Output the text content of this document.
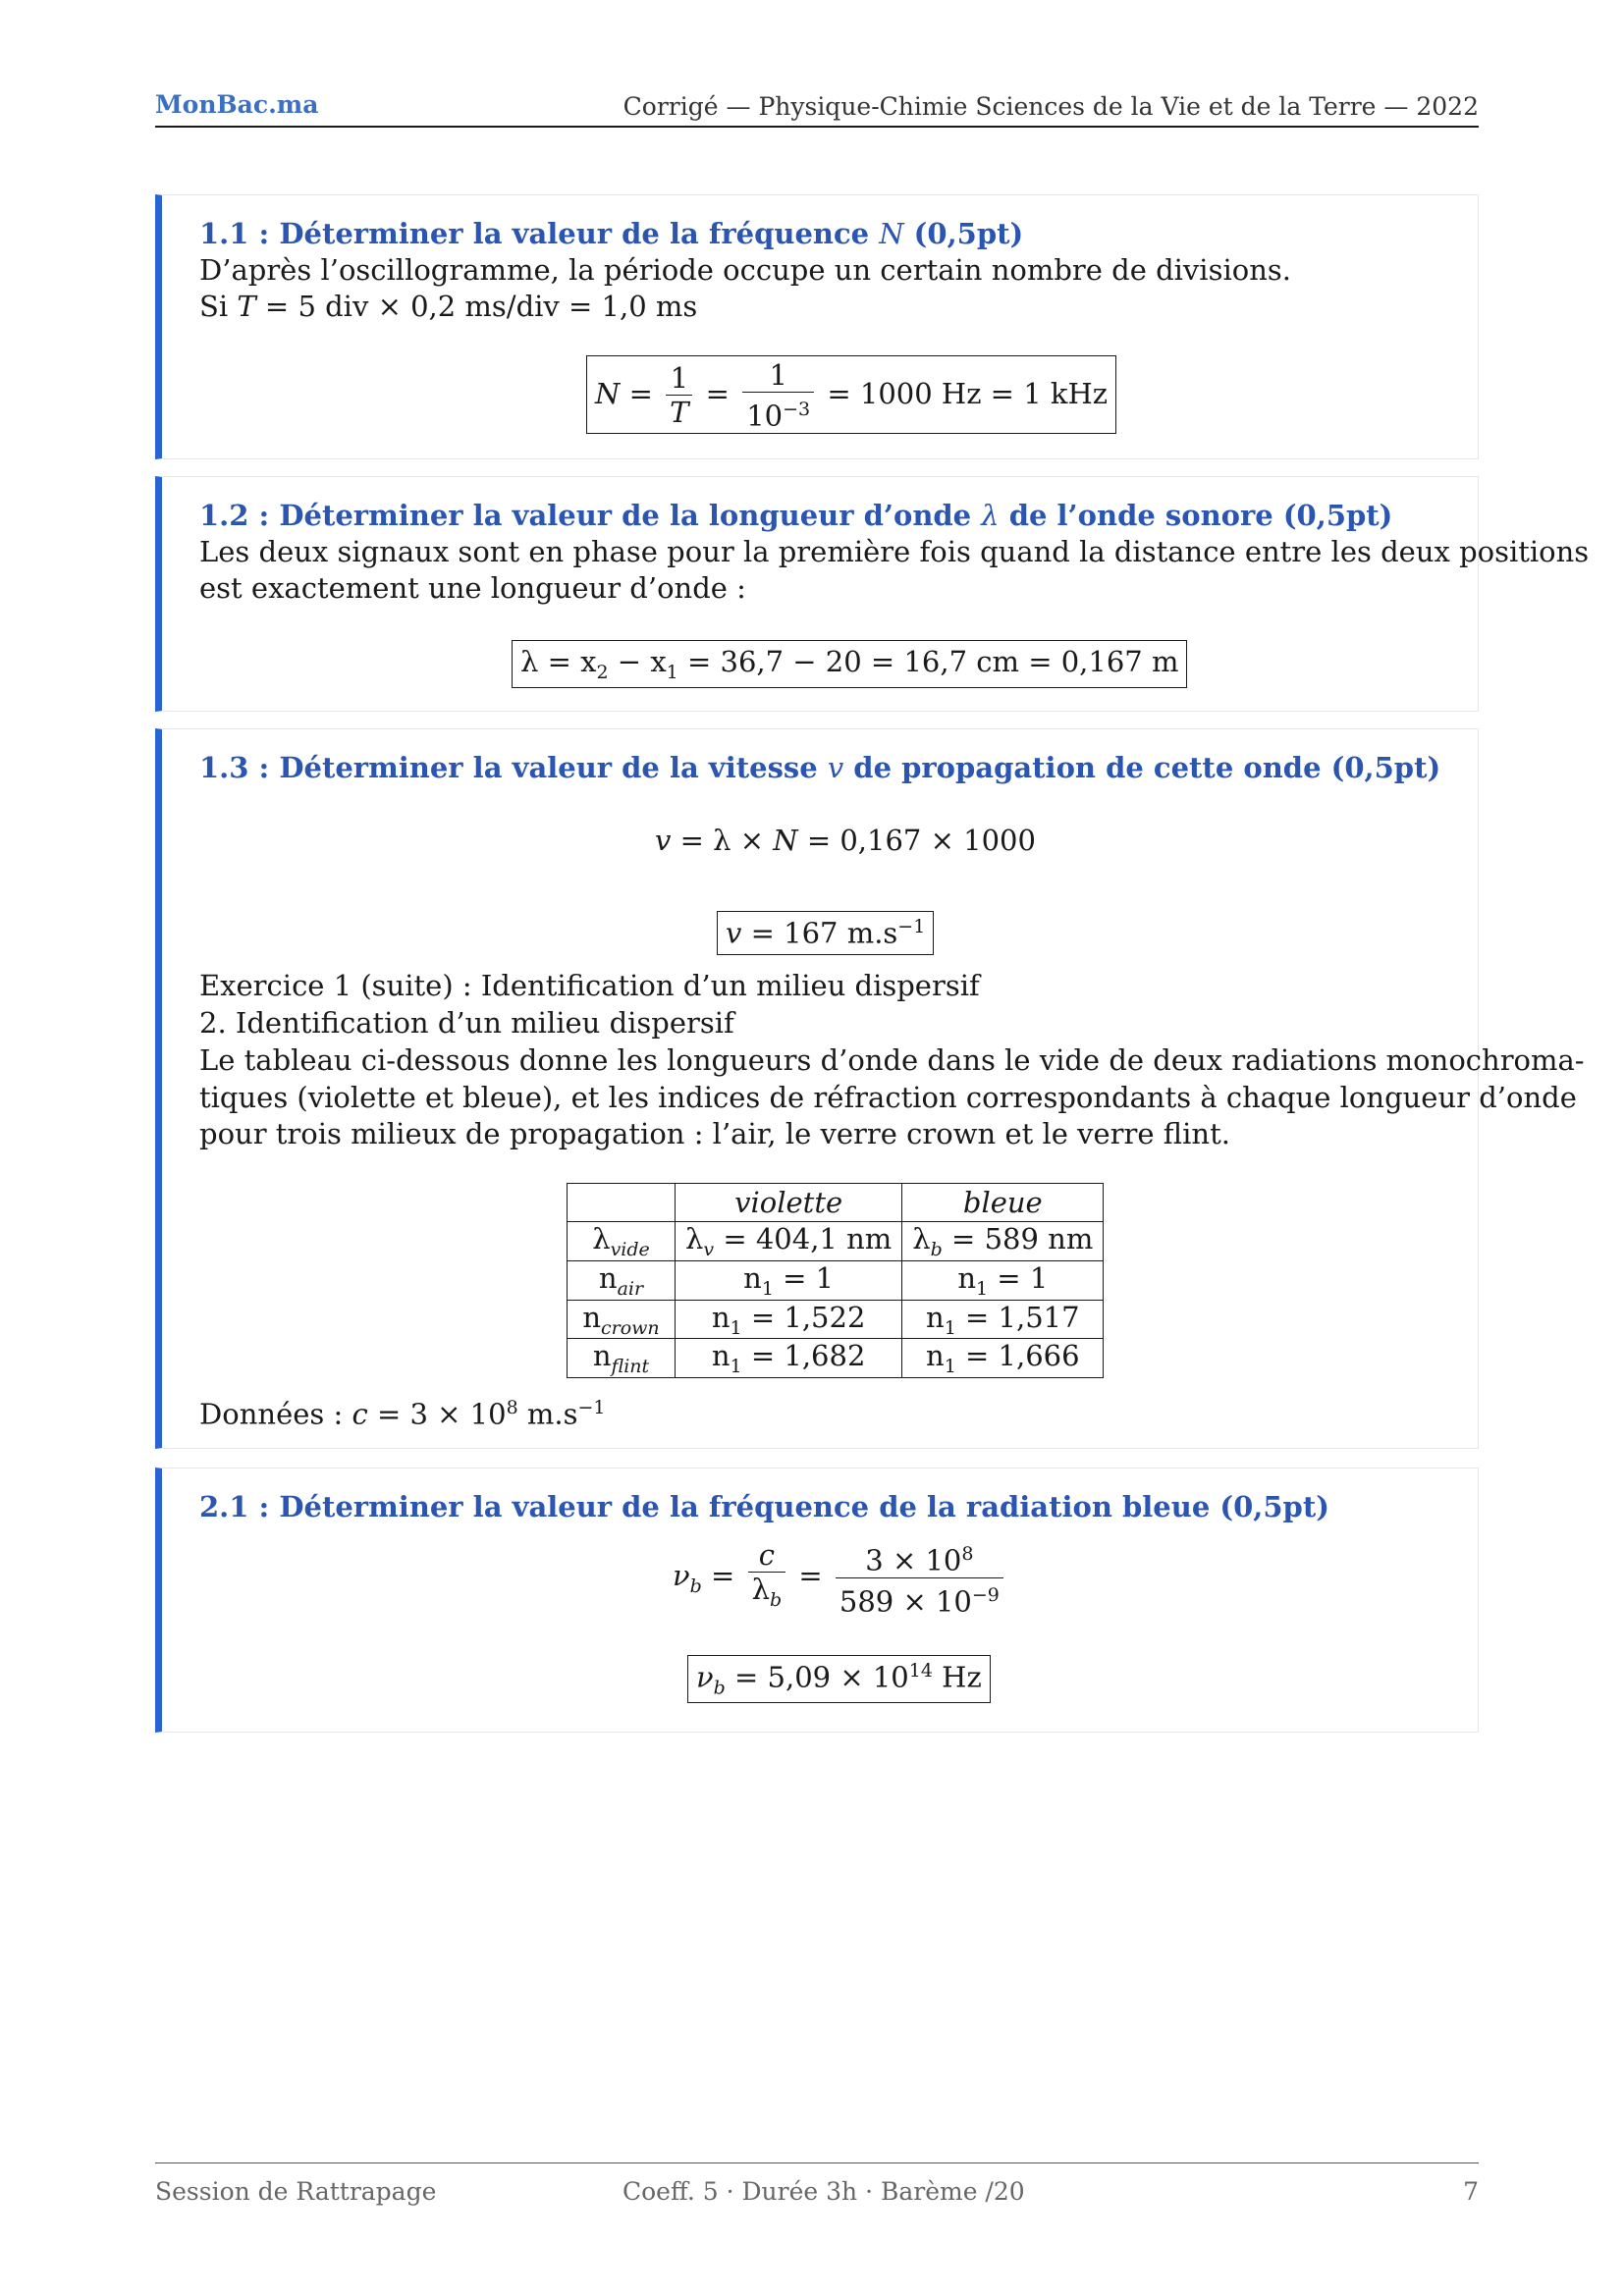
MonBac.ma	Corrigé — Physique-Chimie Sciences de la Vie et de la Terre — 2022
1.1 : Déterminer la valeur de la fréquence N (0,5pt)
D’après l’oscillogramme, la période occupe un certain nombre de divisions.
Si T = 5 div × 0,2 ms/div = 1,0 ms
$N = \frac{1}{T} = \frac{1}{10^{-3}} = 1000$ Hz = 1 kHz
1.2 : Déterminer la valeur de la longueur d’onde λ de l’onde sonore (0,5pt)
Les deux signaux sont en phase pour la première fois quand la distance entre les deux positions
est exactement une longueur d’onde :
$\lambda = x_2 - x_1 = 36,7 - 20 = 16,7$ cm = 0,167 m
1.3 : Déterminer la valeur de la vitesse v de propagation de cette onde (0,5pt)
v = λ × N = 0,167 × 1000
v = 167 $m.s^{-1}$
Exercice 1 (suite) : Identification d’un milieu dispersif
2. Identification d’un milieu dispersif
Le tableau ci-dessous donne les longueurs d’onde dans le vide de deux radiations monochroma-
tiques (violette et bleue), et les indices de réfraction correspondants à chaque longueur d’onde
pour trois milieux de propagation : l’air, le verre crown et le verre flint.
	violette	bleue
$\lambda_{vide}$	$\lambda_v = 404,1$ nm	$\lambda_b = 589$ nm
$n_{air}$	$n_1 = 1$	$n_1 = 1$
$n_{crown}$	$n_1 = 1,522$	$n_1 = 1,517$
$n_{flint}$	$n_1 = 1,682$	$n_1 = 1,666$
Données : $c = 3 \times 10^8$ $m.s^{-1}$
2.1 : Déterminer la valeur de la fréquence de la radiation bleue (0,5pt)
$\nu_b = \frac{c}{\lambda_b} = \frac{3 \times 10^8}{589 \times 10^{-9}}$
$\nu_b = 5,09 \times 10^{14}$ Hz
Session de Rattrapage	Coeff. 5 · Durée 3h · Barème /20	7
